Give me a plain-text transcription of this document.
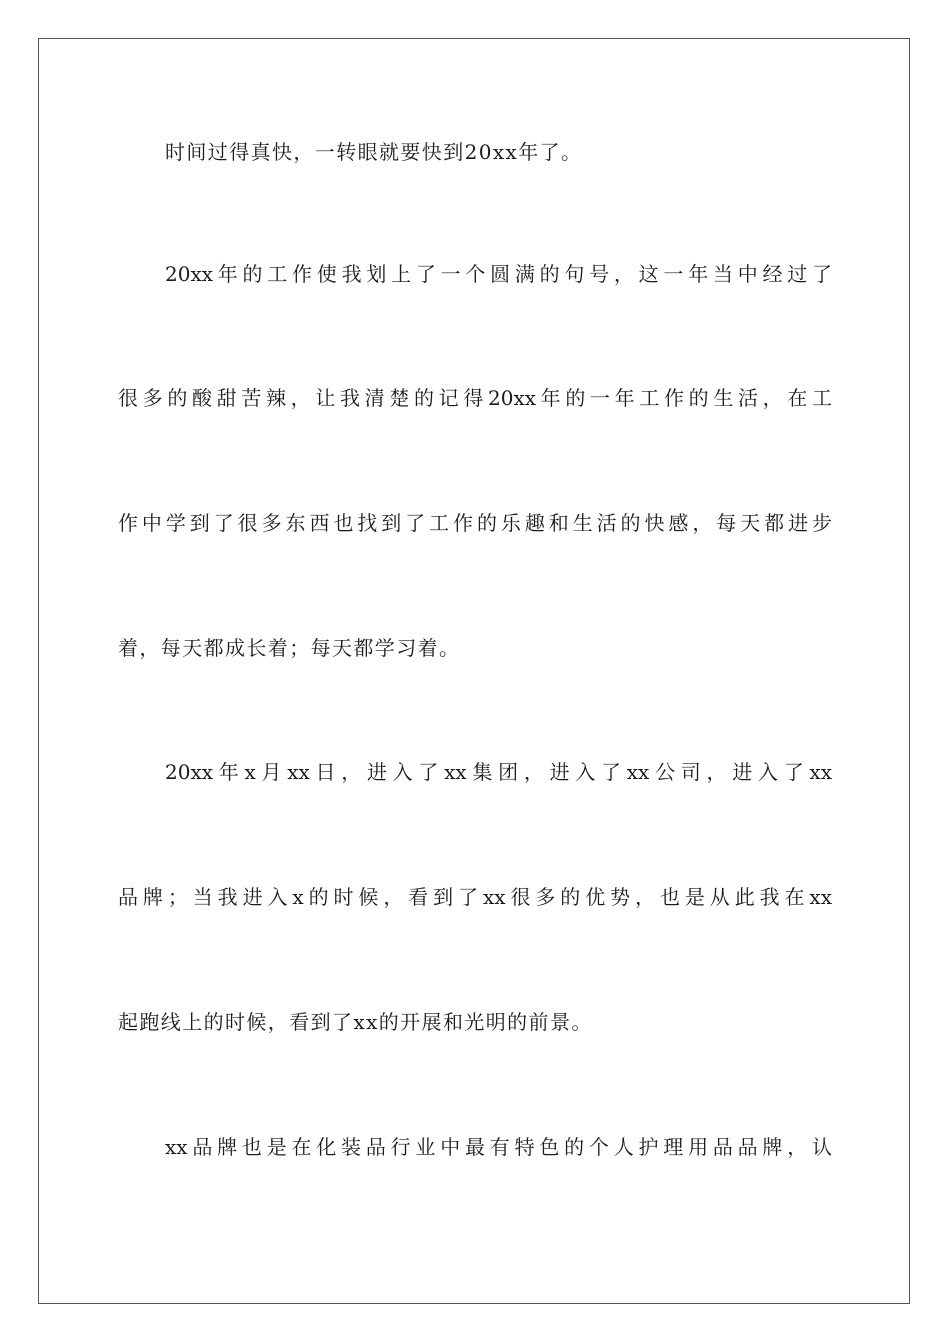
时间过得真快，一转眼就要快到20xx年了。
20xx年的工作使我划上了一个圆满的句号，这一年当中经过了
很多的酸甜苦辣，让我清楚的记得20xx年的一年工作的生活，在工
作中学到了很多东西也找到了工作的乐趣和生活的快感，每天都进步
着，每天都成长着；每天都学习着。
20xx年x月xx日，进入了xx集团，进入了xx公司，进入了xx
品牌；当我进入x的时候，看到了xx很多的优势，也是从此我在xx
起跑线上的时候，看到了xx的开展和光明的前景。
xx品牌也是在化装品行业中最有特色的个人护理用品品牌，认
